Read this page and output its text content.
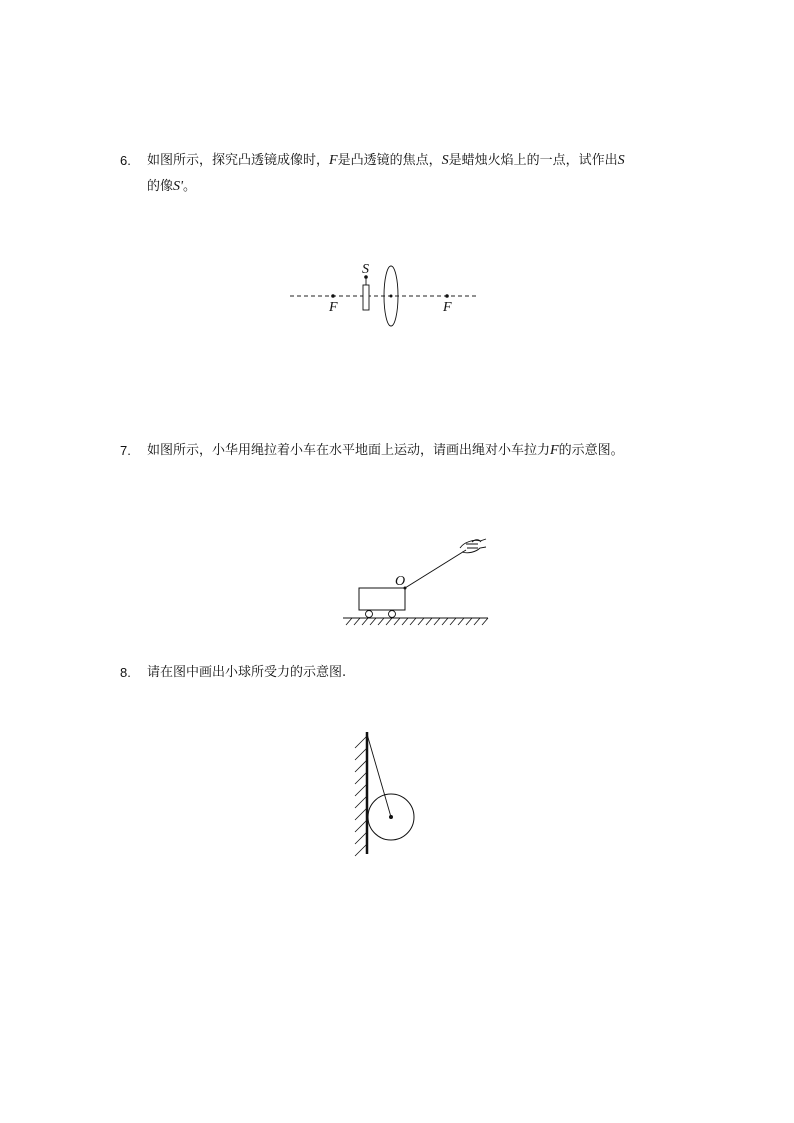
6. 如图所示，探究凸透镜成像时，F是凸透镜的焦点，S是蜡烛火焰上的一点，试作出S
的像S'。
S
F	F
7. 如图所示，小华用绳拉着小车在水平地面上运动，请画出绳对小车拉力F的示意图。
O
8. 请在图中画出小球所受力的示意图.
